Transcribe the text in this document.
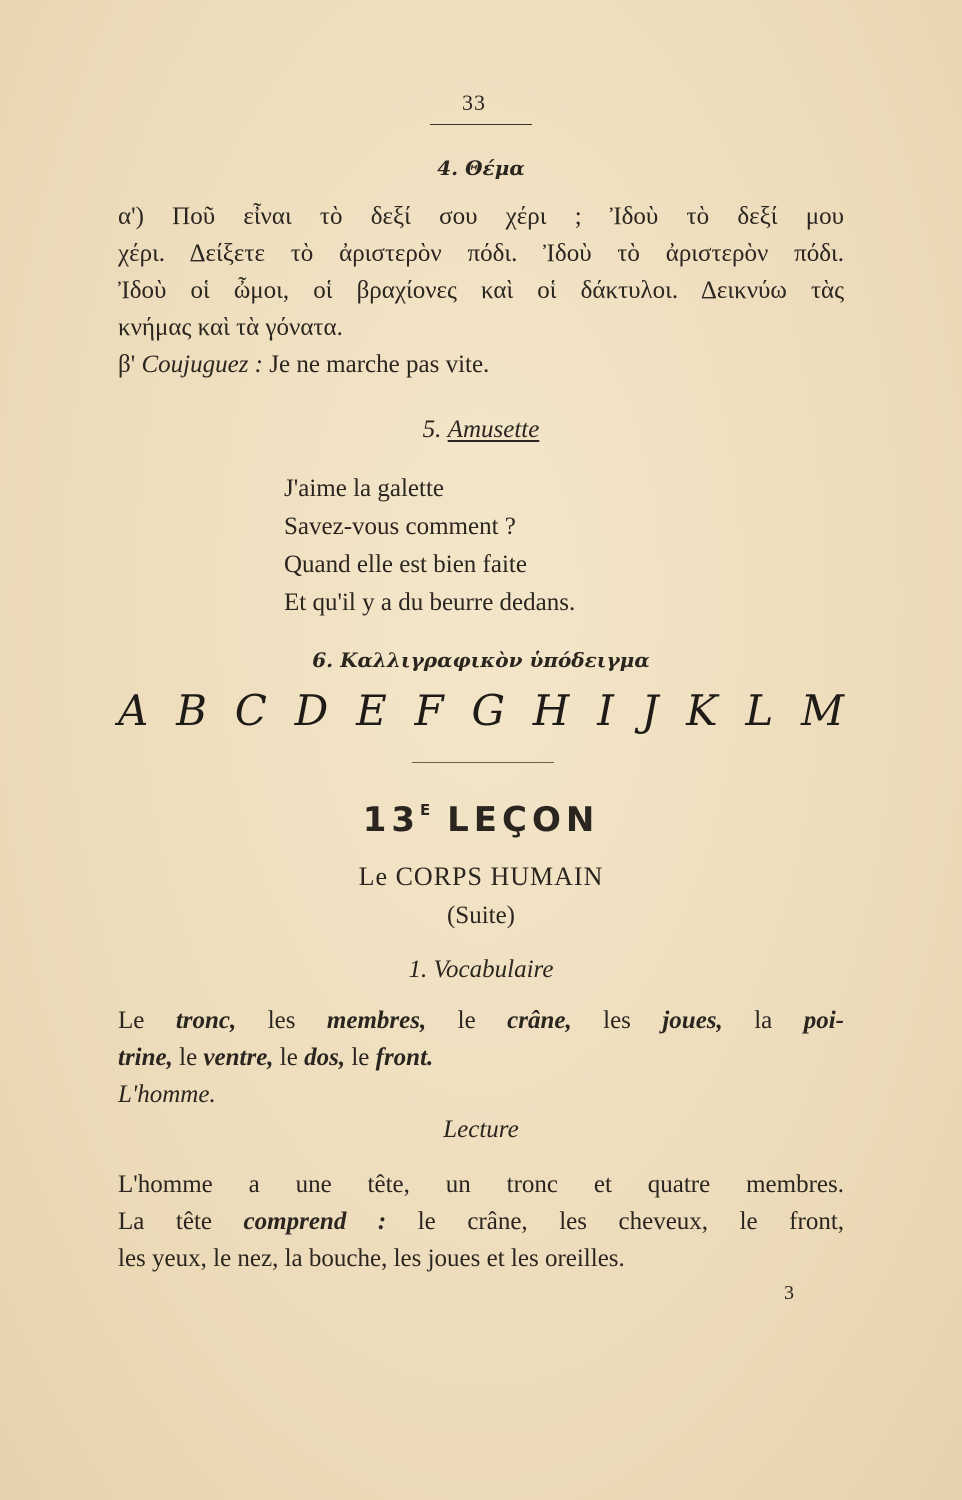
33
4. Θέμα
α') Ποῦ εἶναι τὸ δεξί σου χέρι ; Ἰδοὺ τὸ δεξί μου
χέρι. Δείξετε τὸ ἀριστερὸν πόδι. Ἰδοὺ τὸ ἀριστερὸν πόδι.
Ἰδοὺ οἱ ὦμοι, οἱ βραχίονες καὶ οἱ δάκτυλοι. Δεικνύω τὰς
κνήμας καὶ τὰ γόνατα.
β' Coujuguez : Je ne marche pas vite.
5. Amusette
J'aime la galette
Savez-vous comment ?
Quand elle est bien faite
Et qu'il y a du beurre dedans.
6. Καλλιγραφικὸν ὑπόδειγμα
A B C D E F G H I J K L M
$13^E$ LEÇON
Le CORPS HUMAIN
(Suite)
1. Vocabulaire
Le tronc, les membres, le crâne, les joues, la poi-
trine, le ventre, le dos, le front.
L'homme.
Lecture
L'homme a une tête, un tronc et quatre membres.
La tête comprend : le crâne, les cheveux, le front,
les yeux, le nez, la bouche, les joues et les oreilles.
3
